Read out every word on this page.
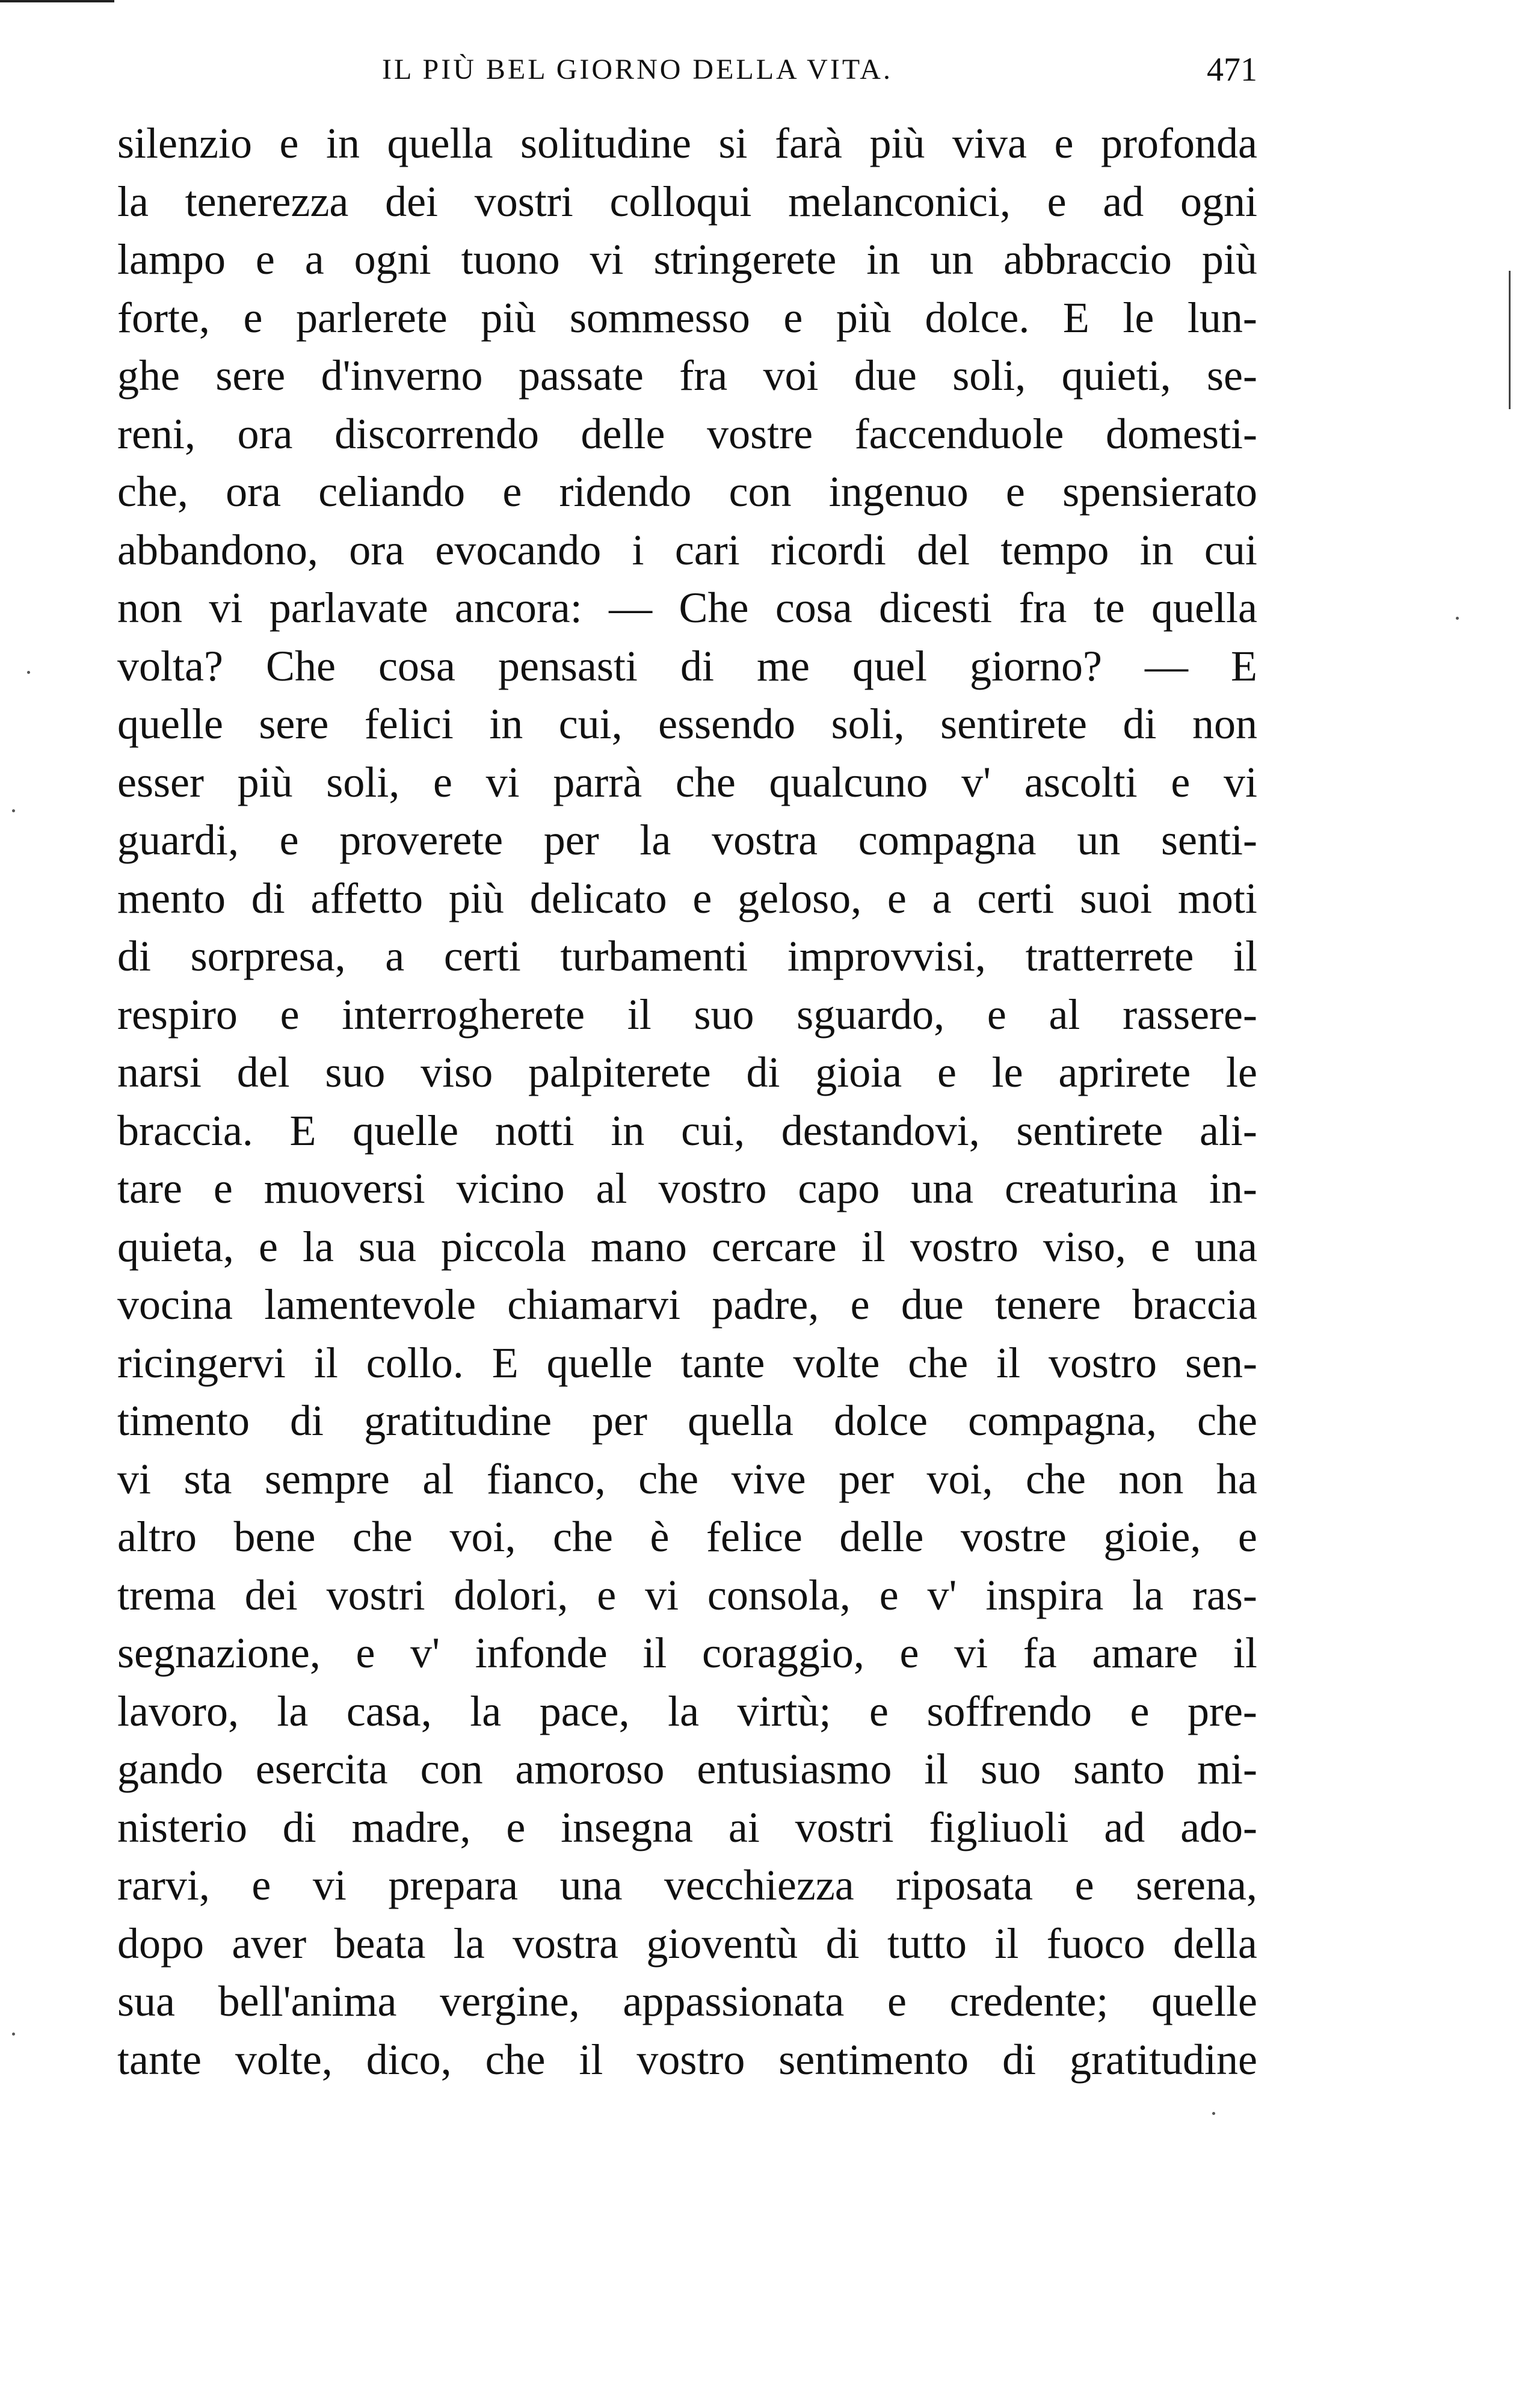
IL PIÙ BEL GIORNO DELLA VITA.	471
silenzio e in quella solitudine si farà più viva e profonda
la tenerezza dei vostri colloqui melanconici, e ad ogni
lampo e a ogni tuono vi stringerete in un abbraccio più
forte, e parlerete più sommesso e più dolce. E le lun-
ghe sere d'inverno passate fra voi due soli, quieti, se-
reni, ora discorrendo delle vostre faccenduole domesti-
che, ora celiando e ridendo con ingenuo e spensierato
abbandono, ora evocando i cari ricordi del tempo in cui
non vi parlavate ancora: — Che cosa dicesti fra te quella
volta? Che cosa pensasti di me quel giorno? — E
quelle sere felici in cui, essendo soli, sentirete di non
esser più soli, e vi parrà che qualcuno v' ascolti e vi
guardi, e proverete per la vostra compagna un senti-
mento di affetto più delicato e geloso, e a certi suoi moti
di sorpresa, a certi turbamenti improvvisi, tratterrete il
respiro e interrogherete il suo sguardo, e al rassere-
narsi del suo viso palpiterete di gioia e le aprirete le
braccia. E quelle notti in cui, destandovi, sentirete ali-
tare e muoversi vicino al vostro capo una creaturina in-
quieta, e la sua piccola mano cercare il vostro viso, e una
vocina lamentevole chiamarvi padre, e due tenere braccia
ricingervi il collo. E quelle tante volte che il vostro sen-
timento di gratitudine per quella dolce compagna, che
vi sta sempre al fianco, che vive per voi, che non ha
altro bene che voi, che è felice delle vostre gioie, e
trema dei vostri dolori, e vi consola, e v' inspira la ras-
segnazione, e v' infonde il coraggio, e vi fa amare il
lavoro, la casa, la pace, la virtù; e soffrendo e pre-
gando esercita con amoroso entusiasmo il suo santo mi-
nisterio di madre, e insegna ai vostri figliuoli ad ado-
rarvi, e vi prepara una vecchiezza riposata e serena,
dopo aver beata la vostra gioventù di tutto il fuoco della
sua bell'anima vergine, appassionata e credente; quelle
tante volte, dico, che il vostro sentimento di gratitudine
